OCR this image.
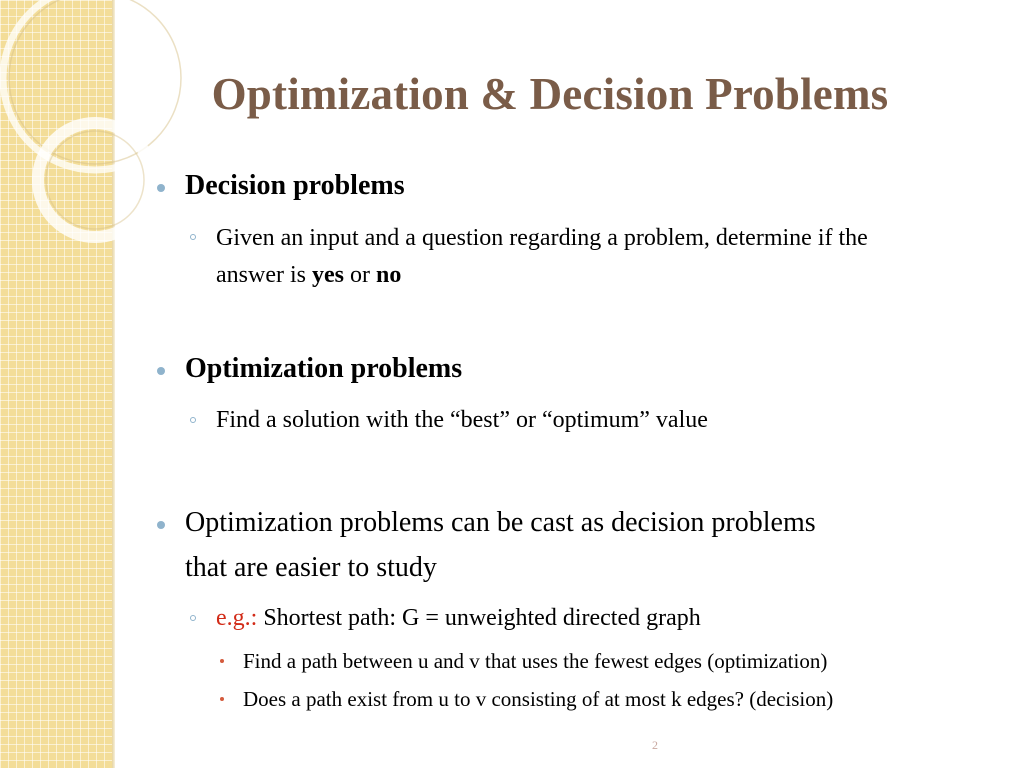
Optimization & Decision Problems
Decision problems
Given an input and a question regarding a problem, determine if the
answer is yes or no
Optimization problems
Find a solution with the “best” or “optimum” value
Optimization problems can be cast as decision problems
that are easier to study
e.g.: Shortest path: G = unweighted directed graph
Find a path between u and v that uses the fewest edges (optimization)
Does a path exist from u to v consisting of at most k edges? (decision)
2
